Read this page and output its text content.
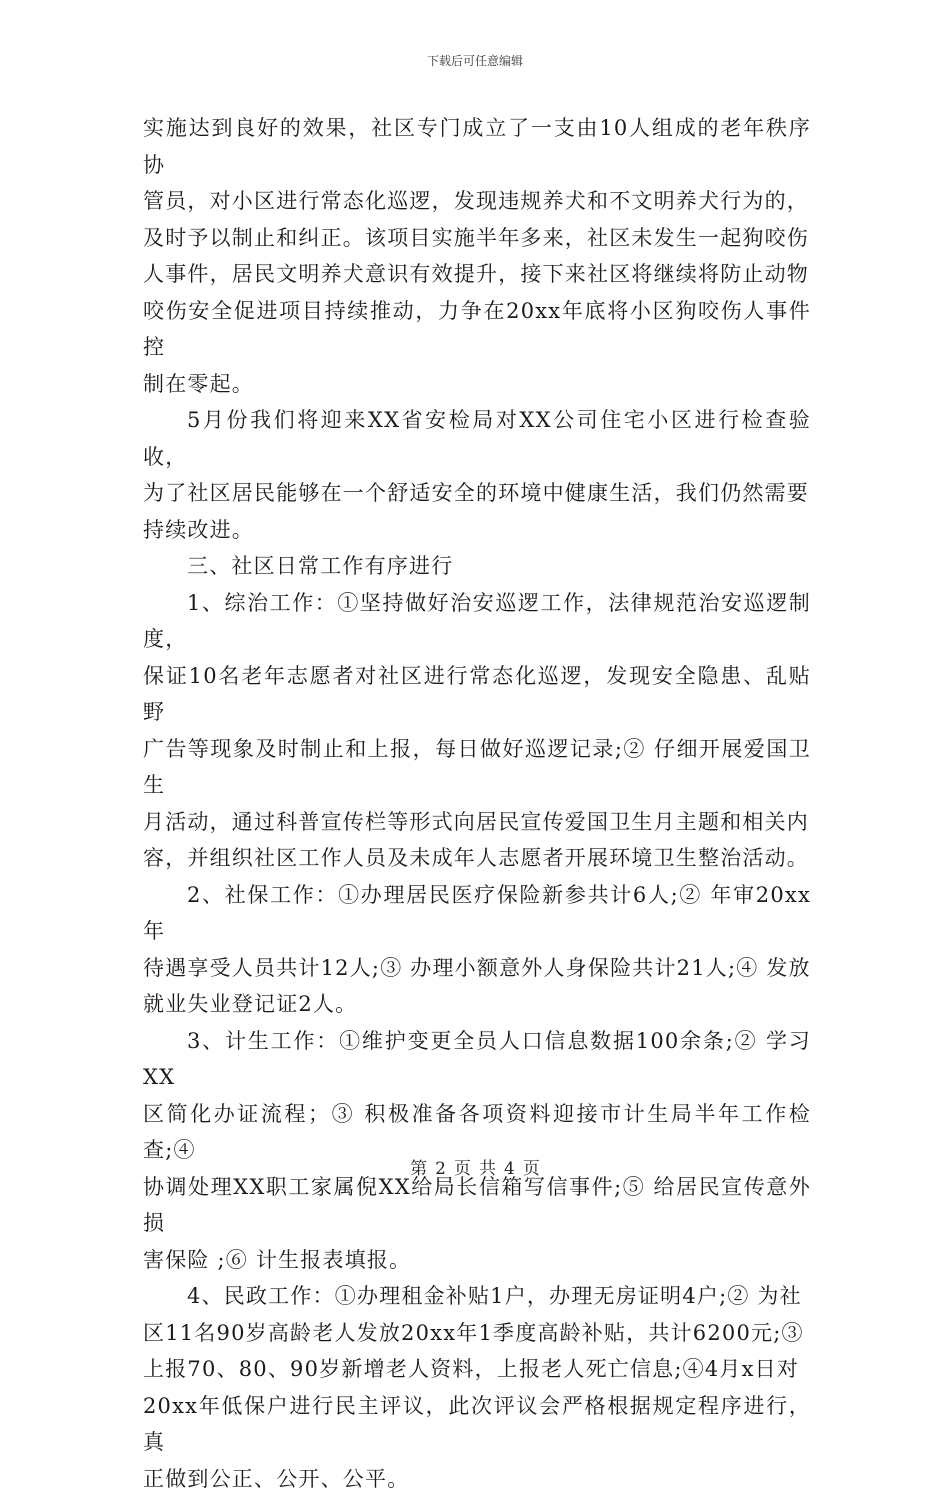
下载后可任意编辑

实施达到良好的效果，社区专门成立了一支由10人组成的老年秩序协
管员，对小区进行常态化巡逻，发现违规养犬和不文明养犬行为的，
及时予以制止和纠正。该项目实施半年多来，社区未发生一起狗咬伤
人事件，居民文明养犬意识有效提升，接下来社区将继续将防止动物
咬伤安全促进项目持续推动，力争在20xx年底将小区狗咬伤人事件控
制在零起。

5月份我们将迎来XX省安检局对XX公司住宅小区进行检查验收，
为了社区居民能够在一个舒适安全的环境中健康生活，我们仍然需要
持续改进。

三、社区日常工作有序进行

1、综治工作：①坚持做好治安巡逻工作，法律规范治安巡逻制度，
保证10名老年志愿者对社区进行常态化巡逻，发现安全隐患、乱贴野
广告等现象及时制止和上报，每日做好巡逻记录;② 仔细开展爱国卫生
月活动，通过科普宣传栏等形式向居民宣传爱国卫生月主题和相关内
容，并组织社区工作人员及未成年人志愿者开展环境卫生整治活动。

2、社保工作：①办理居民医疗保险新参共计6人;② 年审20xx年
待遇享受人员共计12人;③ 办理小额意外人身保险共计21人;④ 发放
就业失业登记证2人。

3、计生工作：①维护变更全员人口信息数据100余条;② 学习XX
区简化办证流程；③ 积极准备各项资料迎接市计生局半年工作检查;④
协调处理XX职工家属倪XX给局长信箱写信事件;⑤ 给居民宣传意外损
害保险 ;⑥ 计生报表填报。

4、民政工作：①办理租金补贴1户，办理无房证明4户;② 为社
区11名90岁高龄老人发放20xx年1季度高龄补贴，共计6200元;③
上报70、80、90岁新增老人资料，上报老人死亡信息;④4月x日对
20xx年低保户进行民主评议，此次评议会严格根据规定程序进行，真
正做到公正、公开、公平。

第 2 页 共 4 页
